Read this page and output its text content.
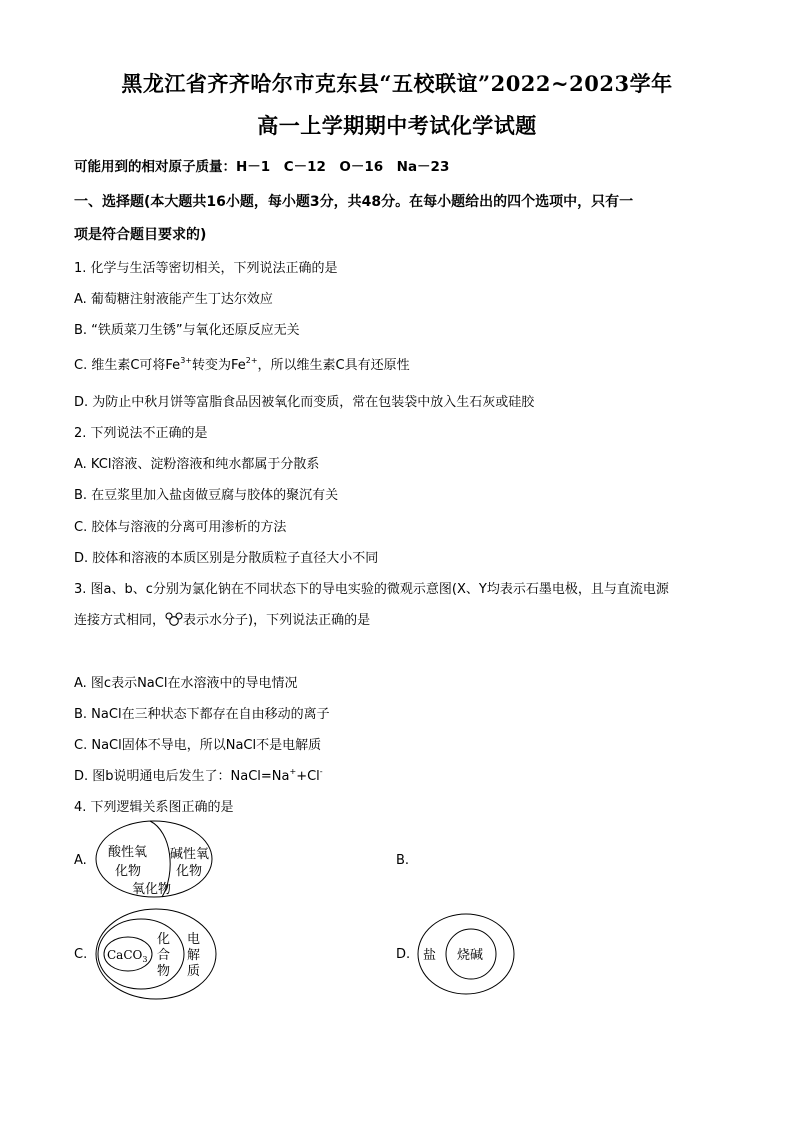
黑龙江省齐齐哈尔市克东县“五校联谊”2022~2023学年
高一上学期期中考试化学试题
可能用到的相对原子质量：H－1　C－12　O－16　Na－23
一、选择题(本大题共16小题，每小题3分，共48分。在每小题给出的四个选项中，只有一
项是符合题目要求的)
1. 化学与生活等密切相关，下列说法正确的是
A. 葡萄糖注射液能产生丁达尔效应
B. “铁质菜刀生锈”与氧化还原反应无关
C. 维生素C可将$Fe^{3+}$转变为$Fe^{2+}$，所以维生素C具有还原性
D. 为防止中秋月饼等富脂食品因被氧化而变质，常在包装袋中放入生石灰或硅胶
2. 下列说法不正确的是
A. KCl溶液、淀粉溶液和纯水都属于分散系
B. 在豆浆里加入盐卤做豆腐与胶体的聚沉有关
C. 胶体与溶液的分离可用渗析的方法
D. 胶体和溶液的本质区别是分散质粒子直径大小不同
3. 图a、b、c分别为氯化钠在不同状态下的导电实验的微观示意图(X、Y均表示石墨电极，且与直流电源
连接方式相同， 表示水分子)，下列说法正确的是
A. 图c表示NaCl在水溶液中的导电情况
B. NaCl在三种状态下都存在自由移动的离子
C. NaCl固体不导电，所以NaCl不是电解质
D. 图b说明通电后发生了：NaCl=Na++Cl-
4. 下列逻辑关系图正确的是
A.
酸性氧
化物
碱性氧
化物
氧化物
B.
C. CaCO$_3$
化
合
物
电
解
质
D. 盐 烧碱
